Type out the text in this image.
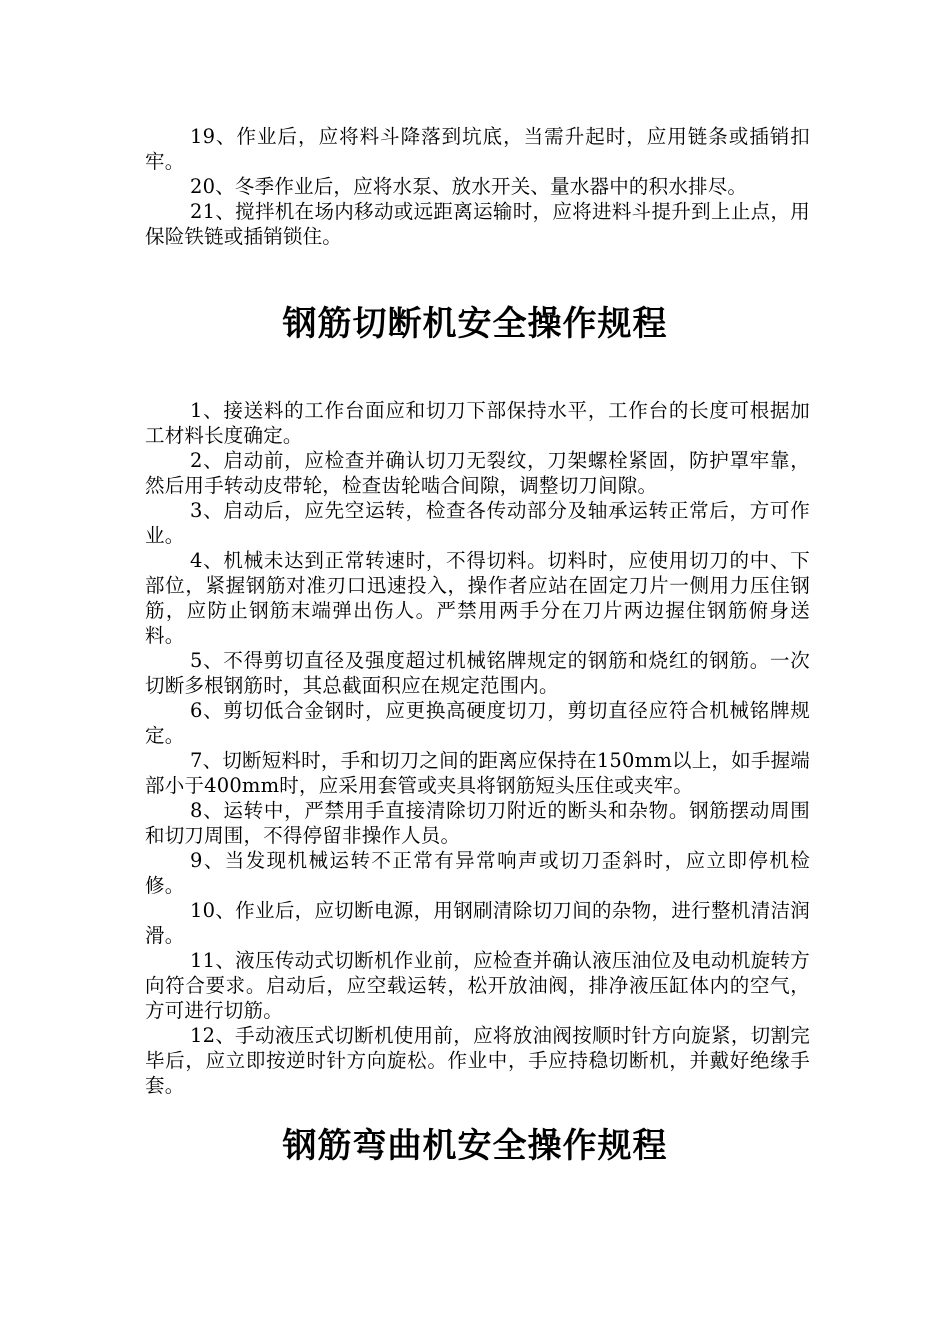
19、作业后，应将料斗降落到坑底，当需升起时，应用链条或插销扣牢。

20、冬季作业后，应将水泵、放水开关、量水器中的积水排尽。

21、搅拌机在场内移动或远距离运输时，应将进料斗提升到上止点，用保险铁链或插销锁住。

钢筋切断机安全操作规程

1、接送料的工作台面应和切刀下部保持水平，工作台的长度可根据加工材料长度确定。

2、启动前，应检查并确认切刀无裂纹，刀架螺栓紧固，防护罩牢靠，然后用手转动皮带轮，检查齿轮啮合间隙，调整切刀间隙。

3、启动后，应先空运转，检查各传动部分及轴承运转正常后，方可作业。

4、机械未达到正常转速时，不得切料。切料时，应使用切刀的中、下部位，紧握钢筋对准刃口迅速投入，操作者应站在固定刀片一侧用力压住钢筋，应防止钢筋末端弹出伤人。严禁用两手分在刀片两边握住钢筋俯身送料。

5、不得剪切直径及强度超过机械铭牌规定的钢筋和烧红的钢筋。一次切断多根钢筋时，其总截面积应在规定范围内。

6、剪切低合金钢时，应更换高硬度切刀，剪切直径应符合机械铭牌规定。

7、切断短料时，手和切刀之间的距离应保持在150mm以上，如手握端部小于400mm时，应采用套管或夹具将钢筋短头压住或夹牢。

8、运转中，严禁用手直接清除切刀附近的断头和杂物。钢筋摆动周围和切刀周围，不得停留非操作人员。

9、当发现机械运转不正常有异常响声或切刀歪斜时，应立即停机检修。

10、作业后，应切断电源，用钢刷清除切刀间的杂物，进行整机清洁润滑。

11、液压传动式切断机作业前，应检查并确认液压油位及电动机旋转方向符合要求。启动后，应空载运转，松开放油阀，排净液压缸体内的空气，方可进行切筋。

12、手动液压式切断机使用前，应将放油阀按顺时针方向旋紧，切割完毕后，应立即按逆时针方向旋松。作业中，手应持稳切断机，并戴好绝缘手套。

钢筋弯曲机安全操作规程
